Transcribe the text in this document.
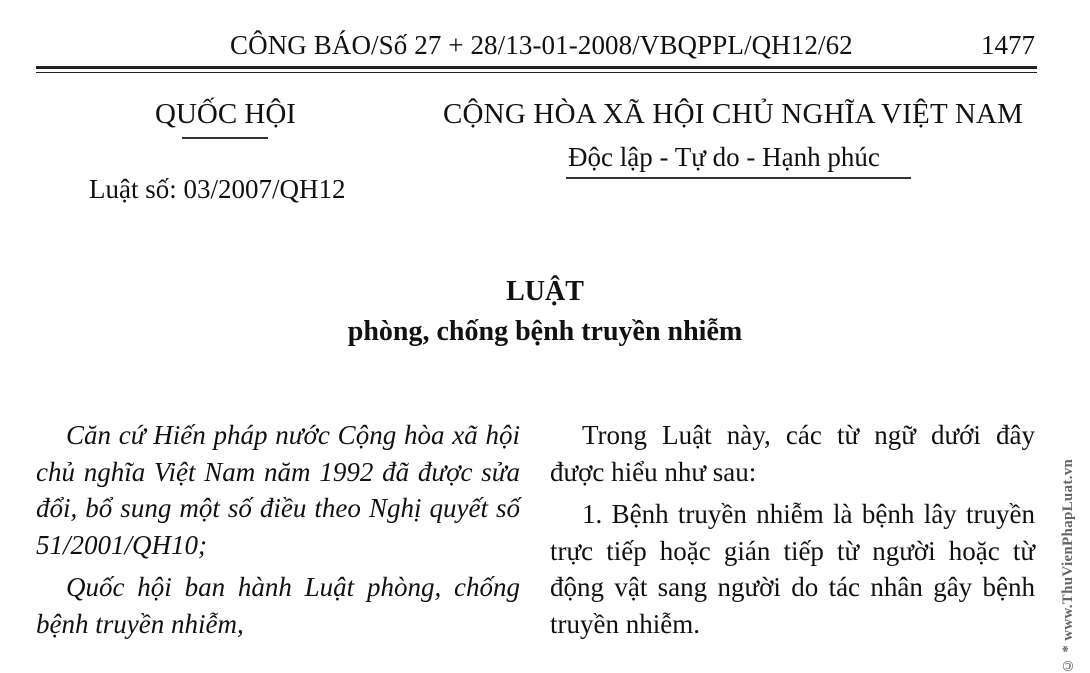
CÔNG BÁO/Số 27 + 28/13-01-2008/VBQPPL/QH12/62	1477
QUỐC HỘI	CỘNG HÒA XÃ HỘI CHỦ NGHĨA VIỆT NAM
Độc lập - Tự do - Hạnh phúc
Luật số: 03/2007/QH12
LUẬT
phòng, chống bệnh truyền nhiễm

Căn cứ Hiến pháp nước Cộng hòa xã hội chủ nghĩa Việt Nam năm 1992 đã được sửa đổi, bổ sung một số điều theo Nghị quyết số 51/2001/QH10;

Quốc hội ban hành Luật phòng, chống bệnh truyền nhiễm,

Trong Luật này, các từ ngữ dưới đây được hiểu như sau:

1. Bệnh truyền nhiễm là bệnh lây truyền trực tiếp hoặc gián tiếp từ người hoặc từ động vật sang người do tác nhân gây bệnh truyền nhiễm.	© * www.ThuVienPhapLuat.vn
